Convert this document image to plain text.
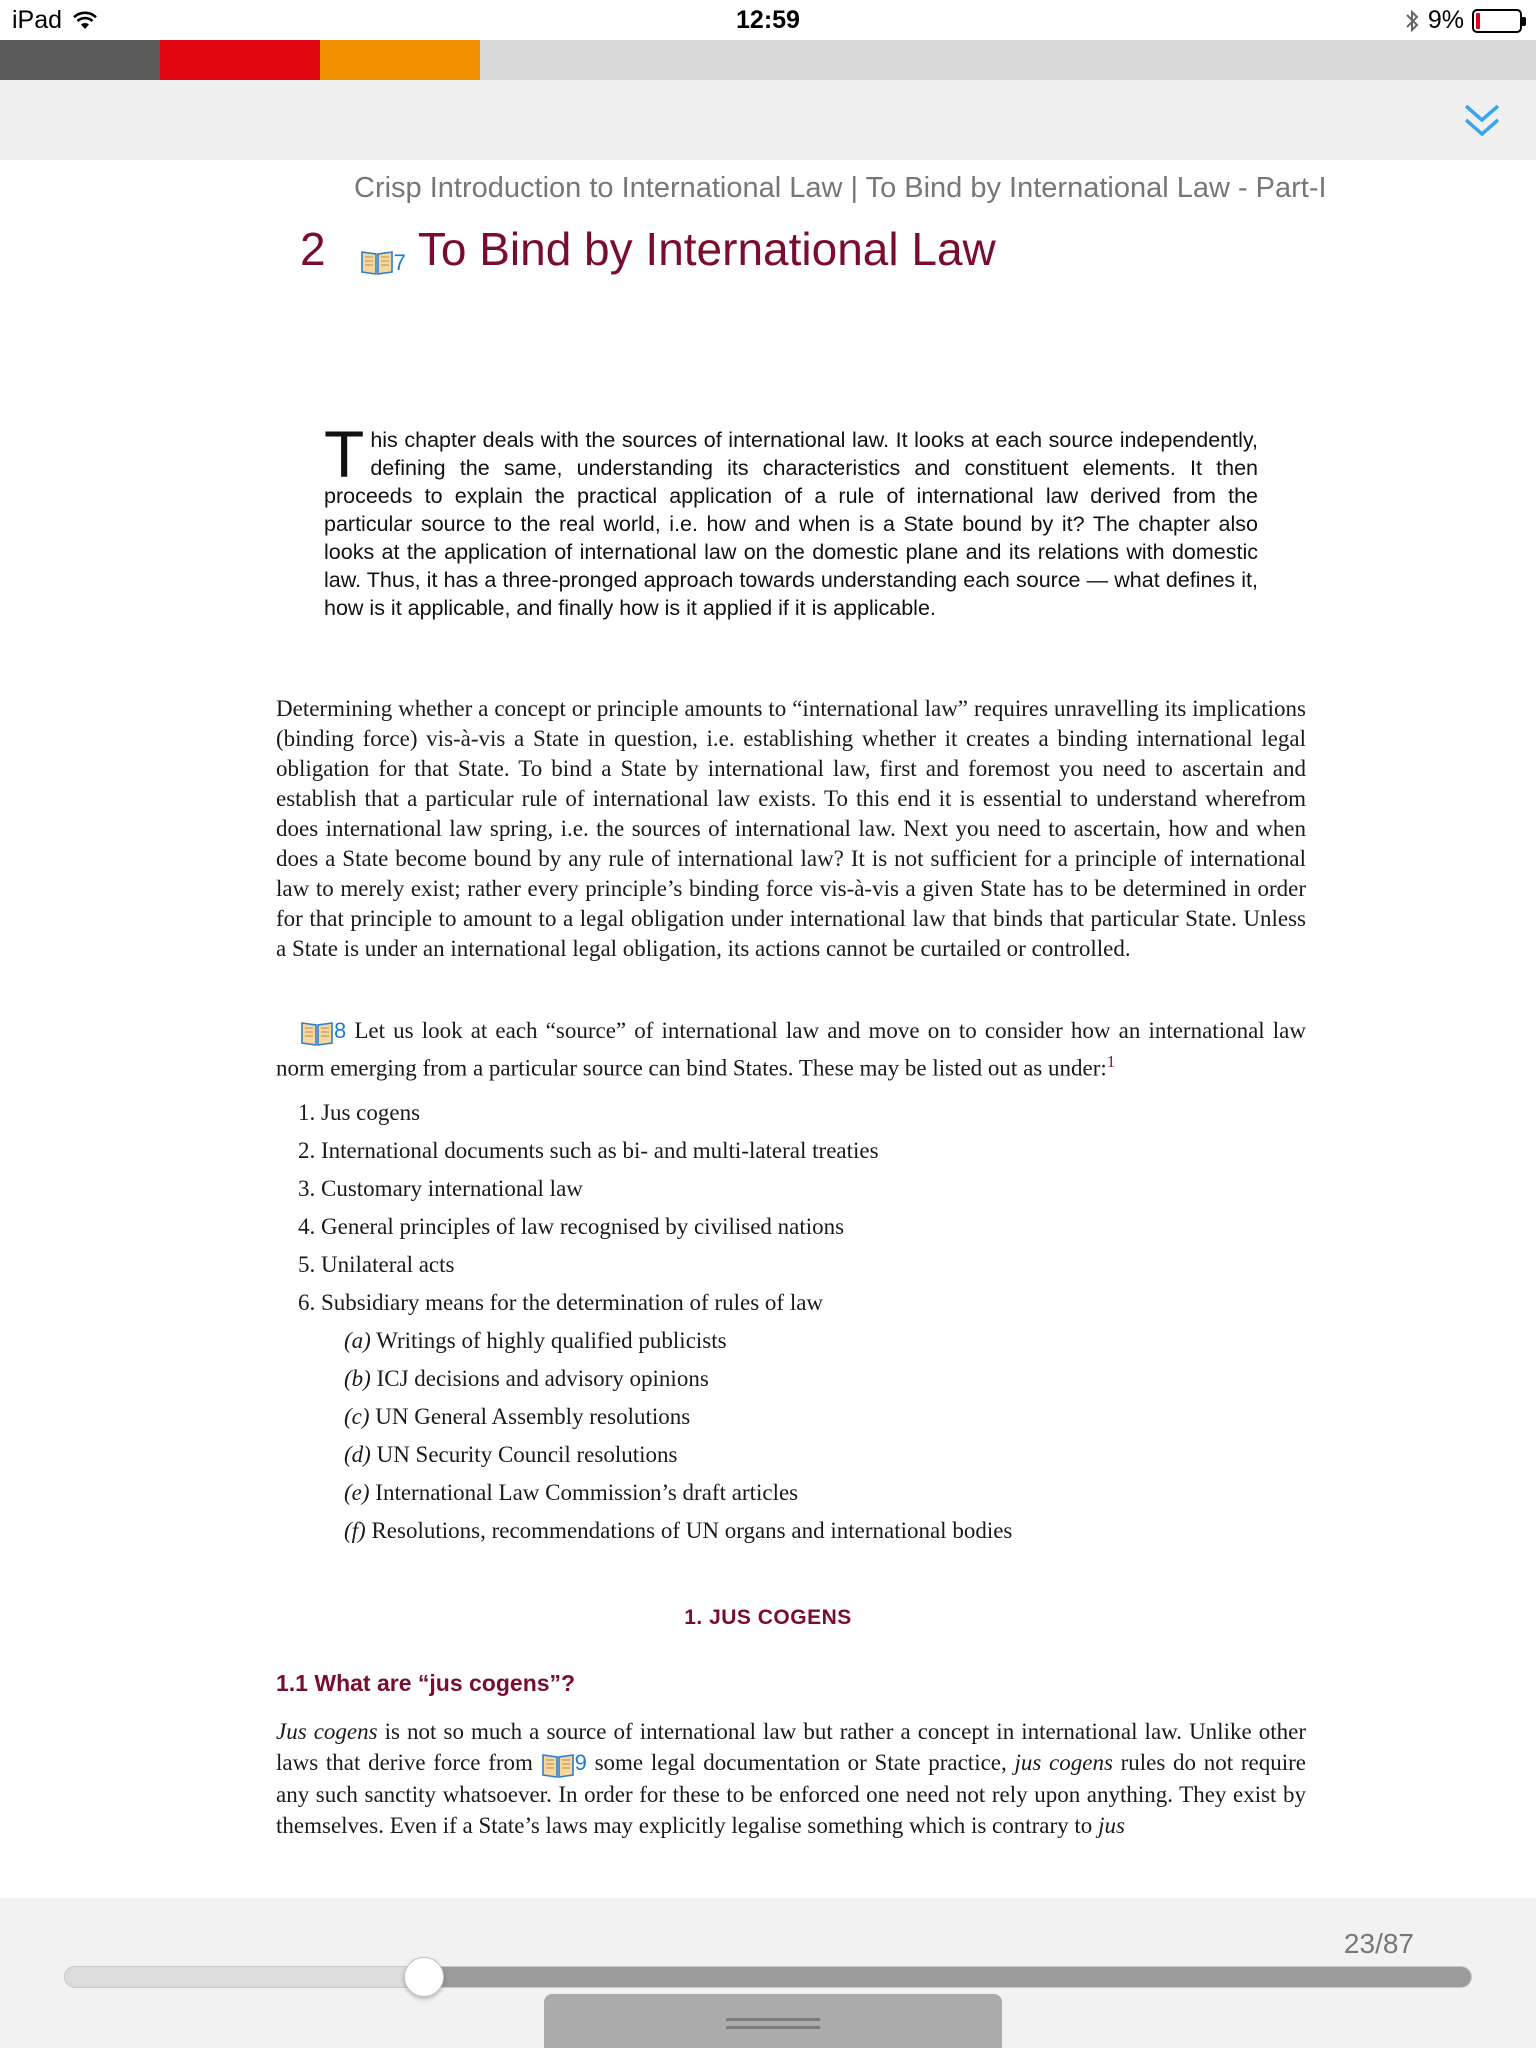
iPad	12:59	9%
Crisp Introduction to International Law | To Bind by International Law - Part-I
2	7 To Bind by International Law
This chapter deals with the sources of international law. It looks at each source independently, defining the same, understanding its characteristics and constituent elements. It then proceeds to explain the practical application of a rule of international law derived from the particular source to the real world, i.e. how and when is a State bound by it? The chapter also looks at the application of international law on the domestic plane and its relations with domestic law. Thus, it has a three-pronged approach towards understanding each source — what defines it, how is it applicable, and finally how is it applied if it is applicable.
Determining whether a concept or principle amounts to “international law” requires unravelling its implications (binding force) vis-à-vis a State in question, i.e. establishing whether it creates a binding international legal obligation for that State. To bind a State by international law, first and foremost you need to ascertain and establish that a particular rule of international law exists. To this end it is essential to understand wherefrom does international law spring, i.e. the sources of international law. Next you need to ascertain, how and when does a State become bound by any rule of international law? It is not sufficient for a principle of international law to merely exist; rather every principle’s binding force vis-à-vis a given State has to be determined in order for that principle to amount to a legal obligation under international law that binds that particular State. Unless a State is under an international legal obligation, its actions cannot be curtailed or controlled.
8 Let us look at each “source” of international law and move on to consider how an international law norm emerging from a particular source can bind States. These may be listed out as under:$^1$
1. Jus cogens
2. International documents such as bi- and multi-lateral treaties
3. Customary international law
4. General principles of law recognised by civilised nations
5. Unilateral acts
6. Subsidiary means for the determination of rules of law
(a) Writings of highly qualified publicists
(b) ICJ decisions and advisory opinions
(c) UN General Assembly resolutions
(d) UN Security Council resolutions
(e) International Law Commission’s draft articles
(f) Resolutions, recommendations of UN organs and international bodies
1. JUS COGENS
1.1 What are “jus cogens”?
Jus cogens is not so much a source of international law but rather a concept in international law. Unlike other laws that derive force from 9 some legal documentation or State practice, jus cogens rules do not require any such sanctity whatsoever. In order for these to be enforced one need not rely upon anything. They exist by themselves. Even if a State’s laws may explicitly legalise something which is contrary to jus
23/87
